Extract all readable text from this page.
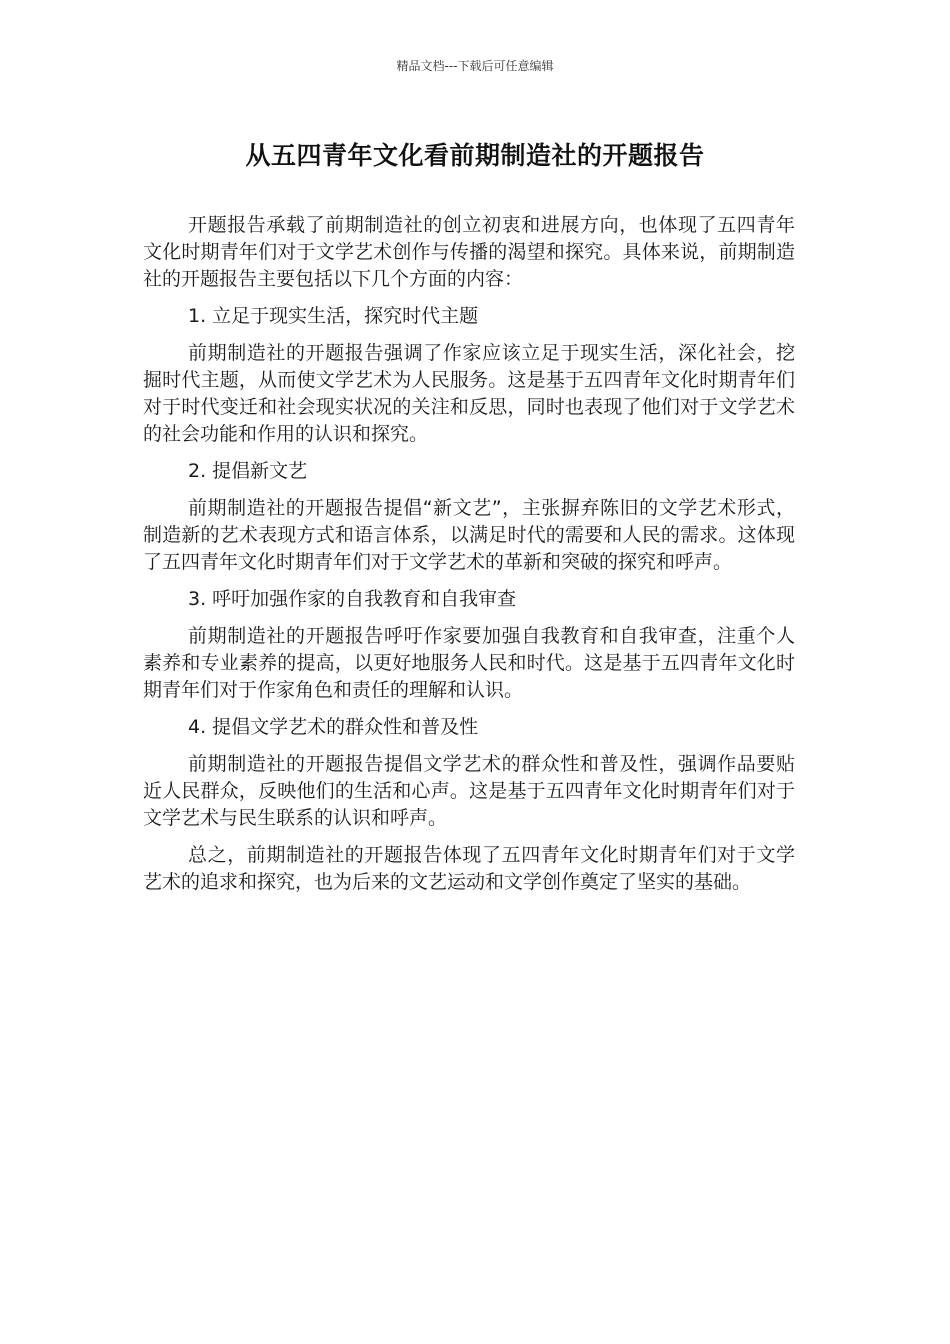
精品文档---下载后可任意编辑
从五四青年文化看前期制造社的开题报告

开题报告承载了前期制造社的创立初衷和进展方向，也体现了五四青年文化时期青年们对于文学艺术创作与传播的渴望和探究。具体来说，前期制造社的开题报告主要包括以下几个方面的内容：

1. 立足于现实生活，探究时代主题

前期制造社的开题报告强调了作家应该立足于现实生活，深化社会，挖掘时代主题，从而使文学艺术为人民服务。这是基于五四青年文化时期青年们对于时代变迁和社会现实状况的关注和反思，同时也表现了他们对于文学艺术的社会功能和作用的认识和探究。

2. 提倡新文艺

前期制造社的开题报告提倡“新文艺”，主张摒弃陈旧的文学艺术形式，制造新的艺术表现方式和语言体系，以满足时代的需要和人民的需求。这体现了五四青年文化时期青年们对于文学艺术的革新和突破的探究和呼声。

3. 呼吁加强作家的自我教育和自我审查

前期制造社的开题报告呼吁作家要加强自我教育和自我审查，注重个人素养和专业素养的提高，以更好地服务人民和时代。这是基于五四青年文化时期青年们对于作家角色和责任的理解和认识。

4. 提倡文学艺术的群众性和普及性

前期制造社的开题报告提倡文学艺术的群众性和普及性，强调作品要贴近人民群众，反映他们的生活和心声。这是基于五四青年文化时期青年们对于文学艺术与民生联系的认识和呼声。

总之，前期制造社的开题报告体现了五四青年文化时期青年们对于文学艺术的追求和探究，也为后来的文艺运动和文学创作奠定了坚实的基础。
